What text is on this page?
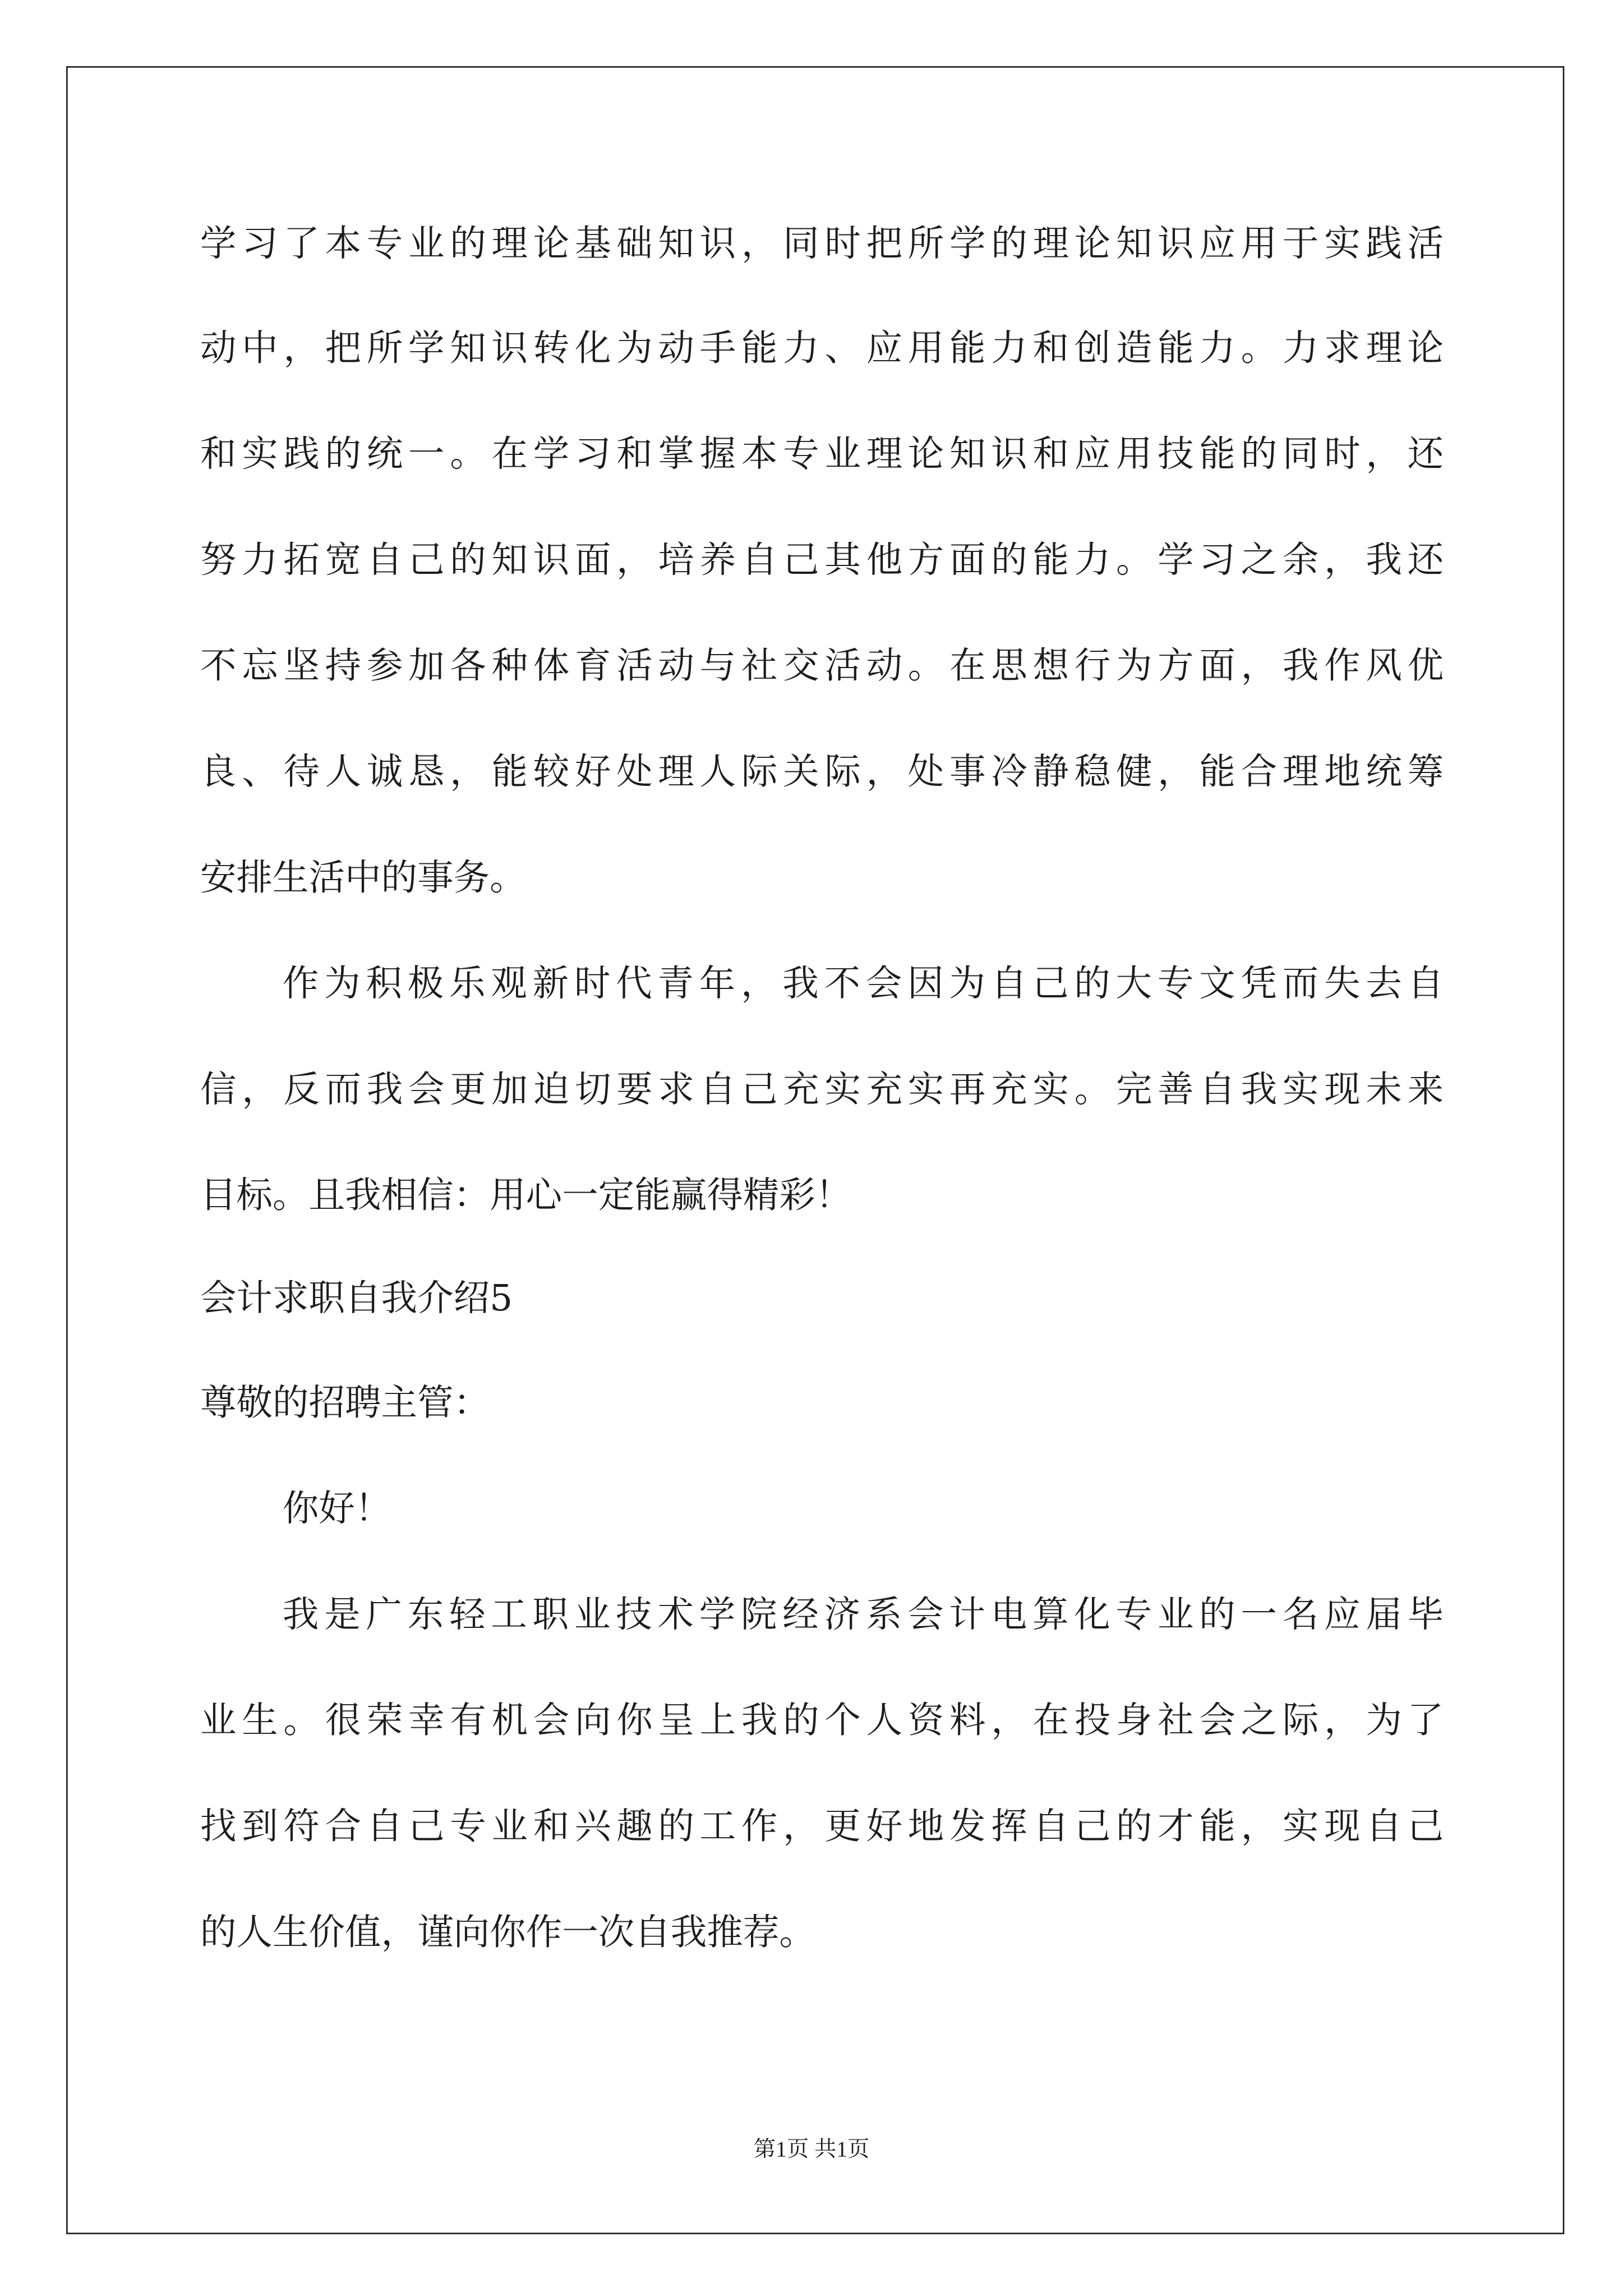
学习了本专业的理论基础知识，同时把所学的理论知识应用于实践活

动中，把所学知识转化为动手能力、应用能力和创造能力。力求理论

和实践的统一。在学习和掌握本专业理论知识和应用技能的同时，还

努力拓宽自己的知识面，培养自己其他方面的能力。学习之余，我还

不忘坚持参加各种体育活动与社交活动。在思想行为方面，我作风优

良、待人诚恳，能较好处理人际关际，处事冷静稳健，能合理地统筹

安排生活中的事务。

作为积极乐观新时代青年，我不会因为自己的大专文凭而失去自

信，反而我会更加迫切要求自己充实充实再充实。完善自我实现未来

目标。且我相信：用心一定能赢得精彩！

会计求职自我介绍5

尊敬的招聘主管：

你好！

我是广东轻工职业技术学院经济系会计电算化专业的一名应届毕

业生。很荣幸有机会向你呈上我的个人资料，在投身社会之际，为了

找到符合自己专业和兴趣的工作，更好地发挥自己的才能，实现自己

的人生价值，谨向你作一次自我推荐。

第1页 共1页
